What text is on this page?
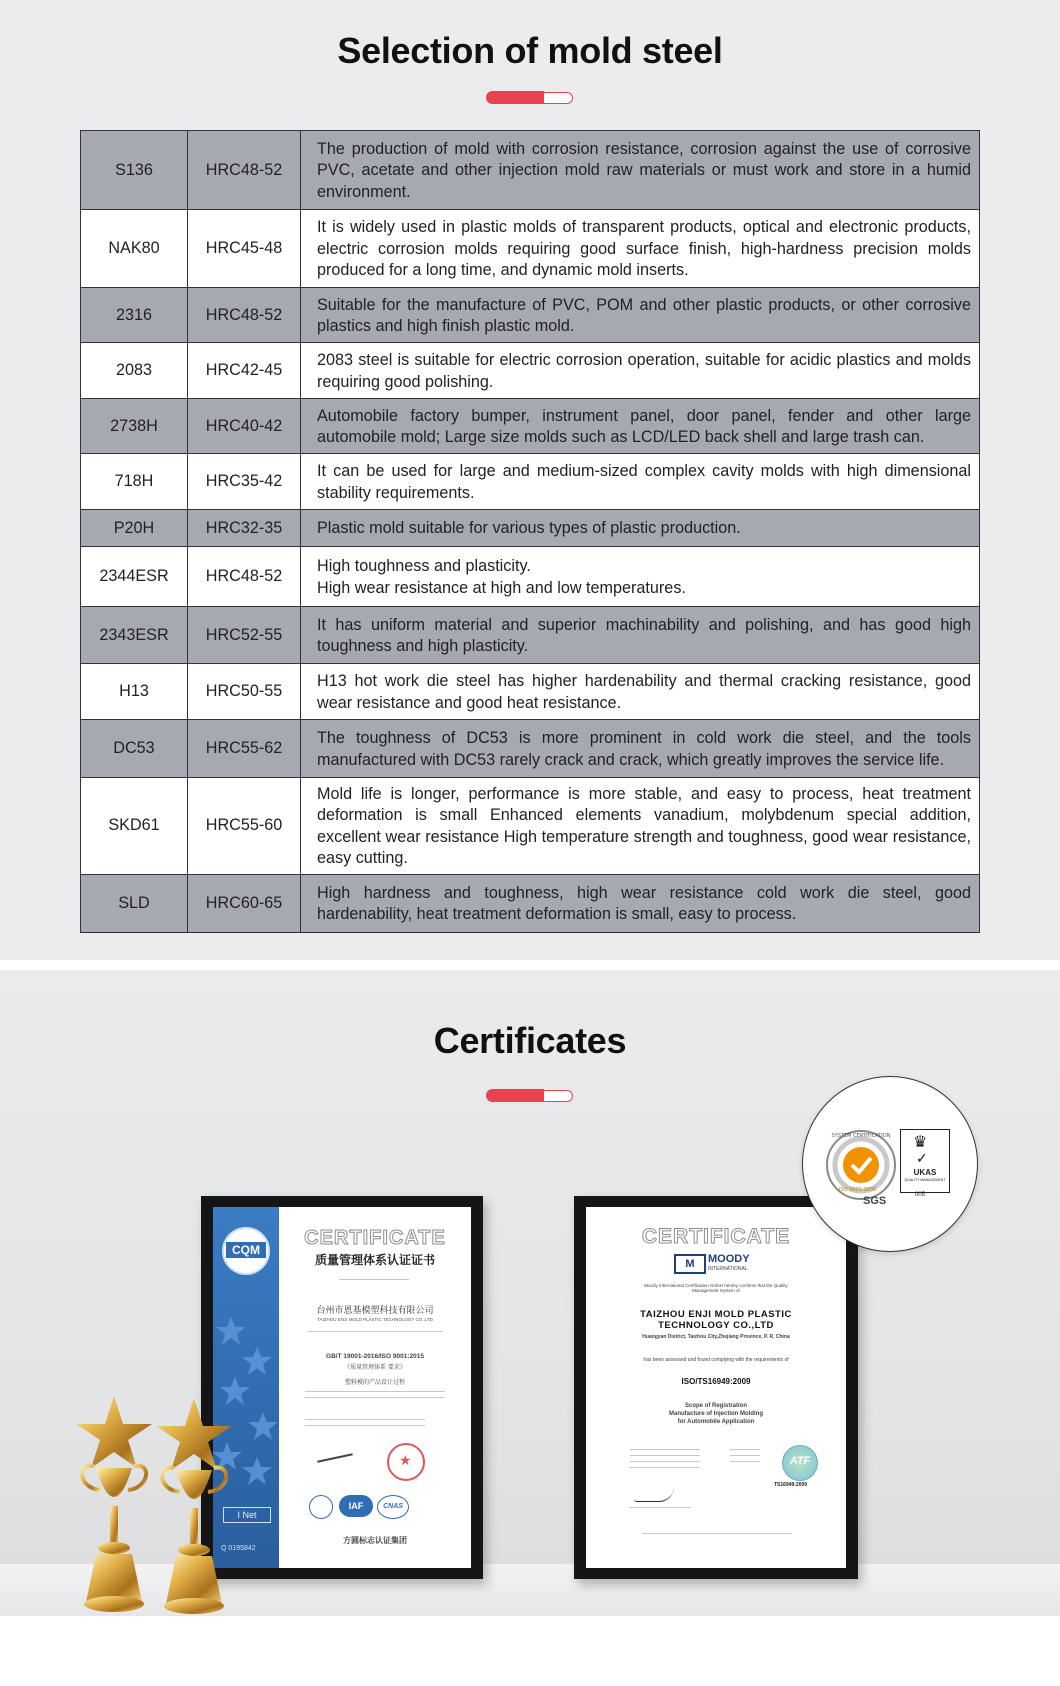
Selection of mold steel
S136	HRC48-52	The production of mold with corrosion resistance, corrosion against the use of corrosive PVC, acetate and other injection mold raw materials or must work and store in a humid environment.
NAK80	HRC45-48	It is widely used in plastic molds of transparent products, optical and electronic products, electric corrosion molds requiring good surface finish, high-hardness precision molds produced for a long time, and dynamic mold inserts.
2316	HRC48-52	Suitable for the manufacture of PVC, POM and other plastic products, or other corrosive plastics and high finish plastic mold.
2083	HRC42-45	2083 steel is suitable for electric corrosion operation, suitable for acidic plastics and molds requiring good polishing.
2738H	HRC40-42	Automobile factory bumper, instrument panel, door panel, fender and other large automobile mold; Large size molds such as LCD/LED back shell and large trash can.
718H	HRC35-42	It can be used for large and medium-sized complex cavity molds with high dimensional stability requirements.
P20H	HRC32-35	Plastic mold suitable for various types of plastic production.
2344ESR	HRC48-52	High toughness and plasticity.
High wear resistance at high and low temperatures.

2343ESR	HRC52-55	It has uniform material and superior machinability and polishing, and has good high toughness and high plasticity.
H13	HRC50-55	H13 hot work die steel has higher hardenability and thermal cracking resistance, good wear resistance and good heat resistance.
DC53	HRC55-62	The toughness of DC53 is more prominent in cold work die steel, and the tools manufactured with DC53 rarely crack and crack, which greatly improves the service life.
SKD61	HRC55-60	Mold life is longer, performance is more stable, and easy to process, heat treatment deformation is small Enhanced elements vanadium, molybdenum special addition, excellent wear resistance High temperature strength and toughness, good wear resistance, easy cutting.
SLD	HRC60-65	High hardness and toughness, high wear resistance cold work die steel, good hardenability, heat treatment deformation is small, easy to process.
Certificates
CQM
I Net
Q 0195842
CERTIFICATE
质量管理体系认证证书
台州市恩基模塑科技有限公司
TAIZHOU ENJI MOLD PLASTIC TECHNOLOGY CO.,LTD
GB/T 19001-2016/ISO 9001:2015
《质量管理体系 要求》
塑料模的产品设计过程
★
IAF	CNAS
方圆标志认证集团
CERTIFICATE
M	MOODY
INTERNATIONAL
Moody International Certification GmbH hereby confirms that the Quality Management System of
TAIZHOU ENJI MOLD PLASTIC
TECHNOLOGY CO.,LTD
Huangyan District, Taizhou City,Zhejiang Province, P. R. China
has been assessed and found complying with the requirements of
ISO/TS16949:2009
Scope of Registration
Manufacture of Injection Molding
for Automobile Application
ATF
TS16949:2009
SYSTEM CERTIFICATION
ISO 9001:2000
SGS
♛
✓
UKAS
QUALITY MANAGEMENT
005
